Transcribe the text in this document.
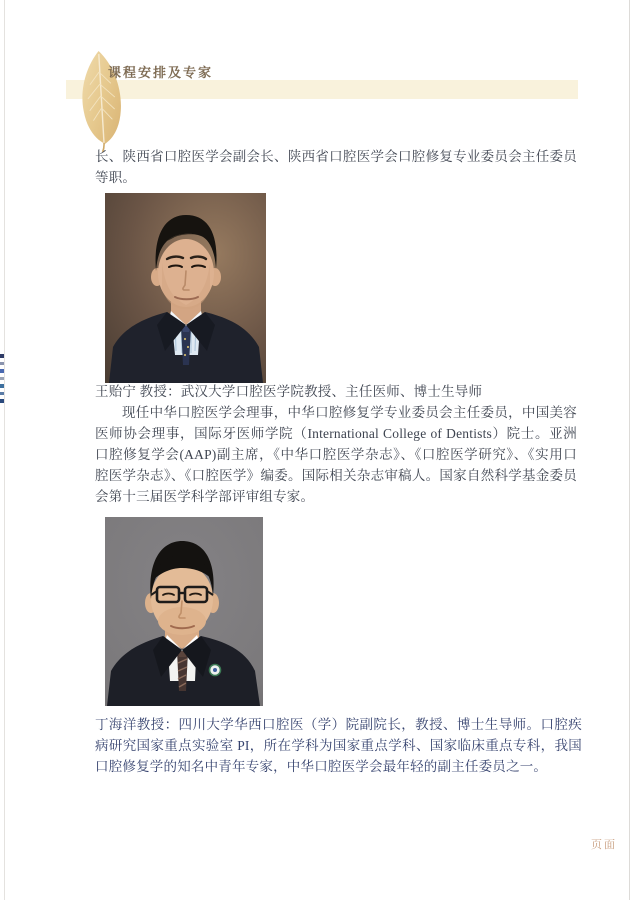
课程安排及专家

长、陕西省口腔医学会副会长、陕西省口腔医学会口腔修复专业委员会主任委员等职。

王贻宁 教授：武汉大学口腔医学院教授、主任医师、博士生导师

现任中华口腔医学会理事，中华口腔修复学专业委员会主任委员，中国美容医师协会理事，国际牙医师学院（International College of Dentists）院士。亚洲口腔修复学会(AAP)副主席，《中华口腔医学杂志》、《口腔医学研究》、《实用口腔医学杂志》、《口腔医学》编委。国际相关杂志审稿人。国家自然科学基金委员会第十三届医学科学部评审组专家。

丁海洋教授：四川大学华西口腔医（学）院副院长，教授、博士生导师。口腔疾病研究国家重点实验室 PI，所在学科为国家重点学科、国家临床重点专科，我国口腔修复学的知名中青年专家，中华口腔医学会最年轻的副主任委员之一。

页面
